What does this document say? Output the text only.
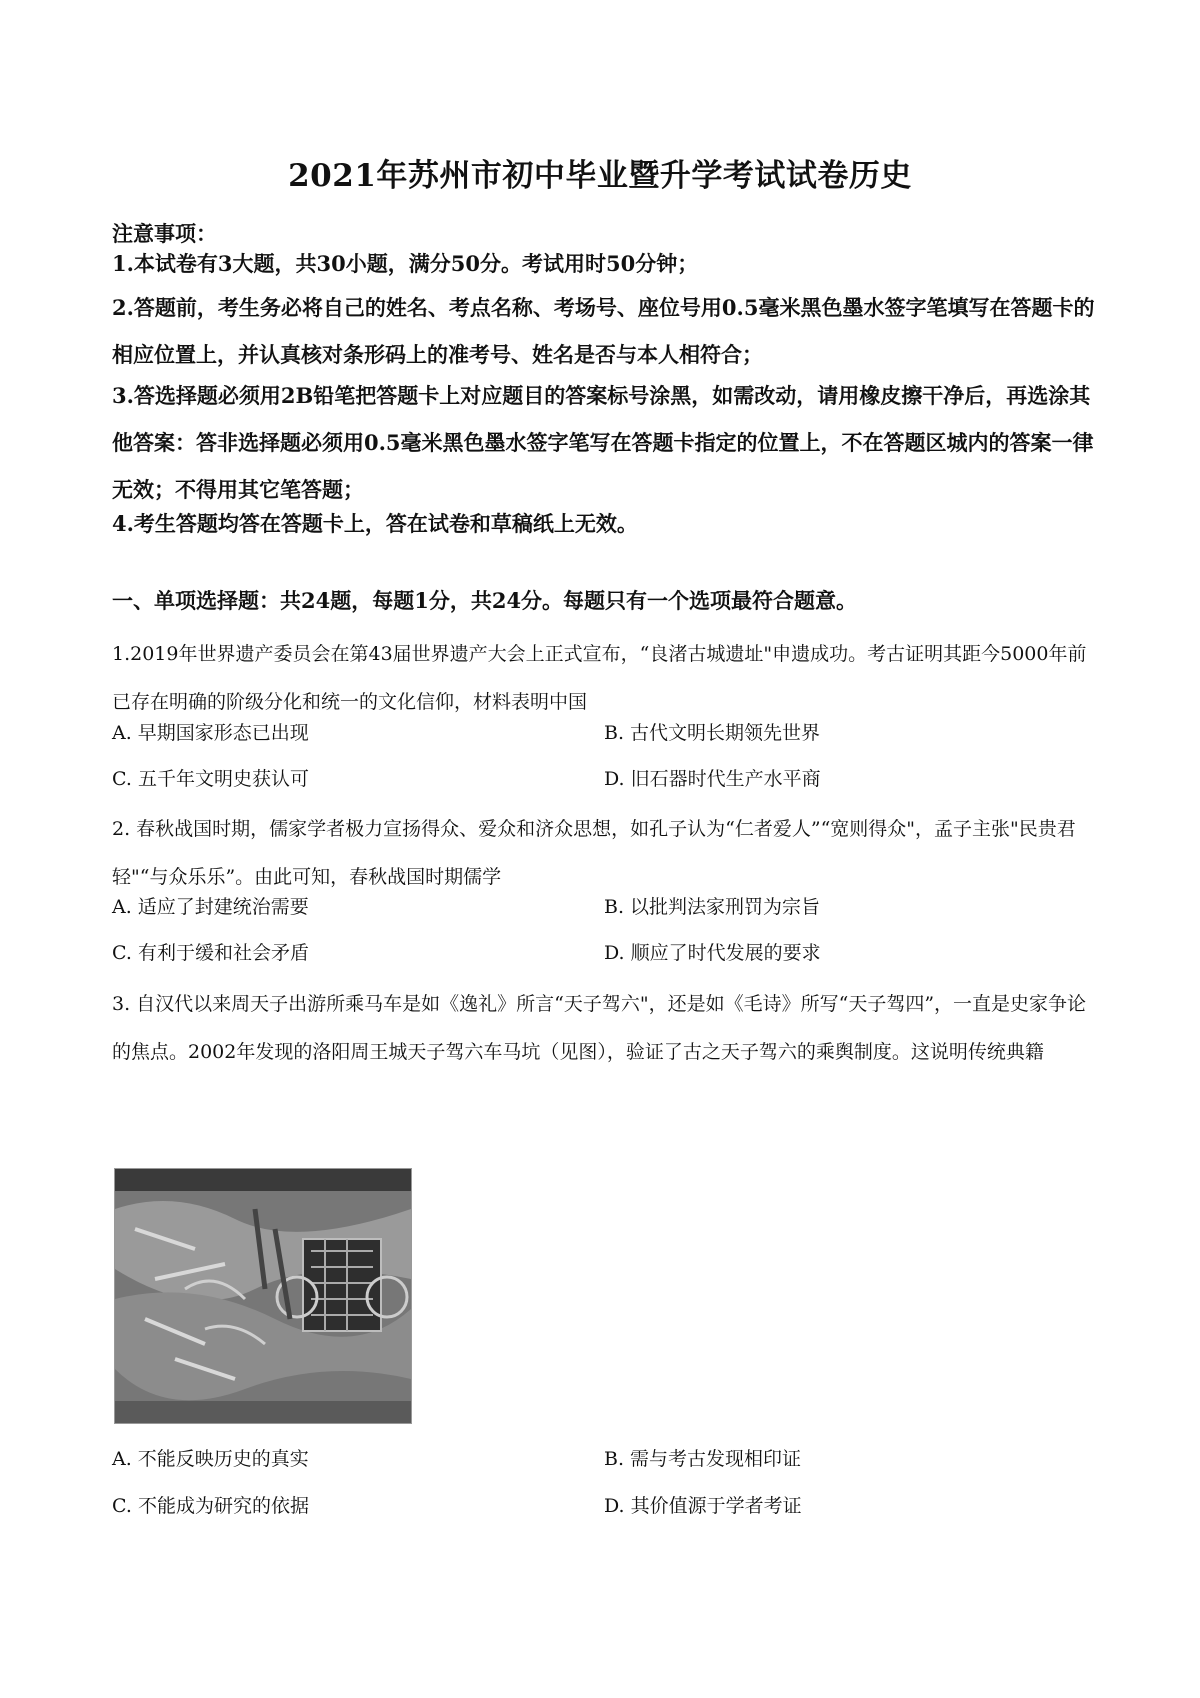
2021年苏州市初中毕业暨升学考试试卷历史
注意事项：
1.本试卷有3大题，共30小题，满分50分。考试用时50分钟；
2.答题前，考生务必将自己的姓名、考点名称、考场号、座位号用0.5毫米黑色墨水签字笔填写在答题卡的相应位置上，并认真核对条形码上的准考号、姓名是否与本人相符合；
3.答选择题必须用2B铅笔把答题卡上对应题目的答案标号涂黑，如需改动，请用橡皮擦干净后，再选涂其他答案：答非选择题必须用0.5毫米黑色墨水签字笔写在答题卡指定的位置上，不在答题区城内的答案一律无效；不得用其它笔答题；
4.考生答题均答在答题卡上，答在试卷和草稿纸上无效。
一、单项选择题：共24题，每题1分，共24分。每题只有一个选项最符合题意。
1.2019年世界遗产委员会在第43届世界遗产大会上正式宣布，“良渚古城遗址"申遗成功。考古证明其距今5000年前已存在明确的阶级分化和统一的文化信仰，材料表明中国
A. 早期国家形态已出现	B. 古代文明长期领先世界
C. 五千年文明史获认可	D. 旧石器时代生产水平商
2. 春秋战国时期，儒家学者极力宣扬得众、爱众和济众思想，如孔子认为“仁者爱人”“宽则得众"，孟子主张"民贵君轻"“与众乐乐”。由此可知，春秋战国时期儒学
A. 适应了封建统治需要	B. 以批判法家刑罚为宗旨
C. 有利于缓和社会矛盾	D. 顺应了时代发展的要求
3. 自汉代以来周天子出游所乘马车是如《逸礼》所言“天子驾六"，还是如《毛诗》所写“天子驾四”，一直是史家争论的焦点。2002年发现的洛阳周王城天子驾六车马坑（见图），验证了古之天子驾六的乘舆制度。这说明传统典籍
A. 不能反映历史的真实	B. 需与考古发现相印证
C. 不能成为研究的依据	D. 其价值源于学者考证
